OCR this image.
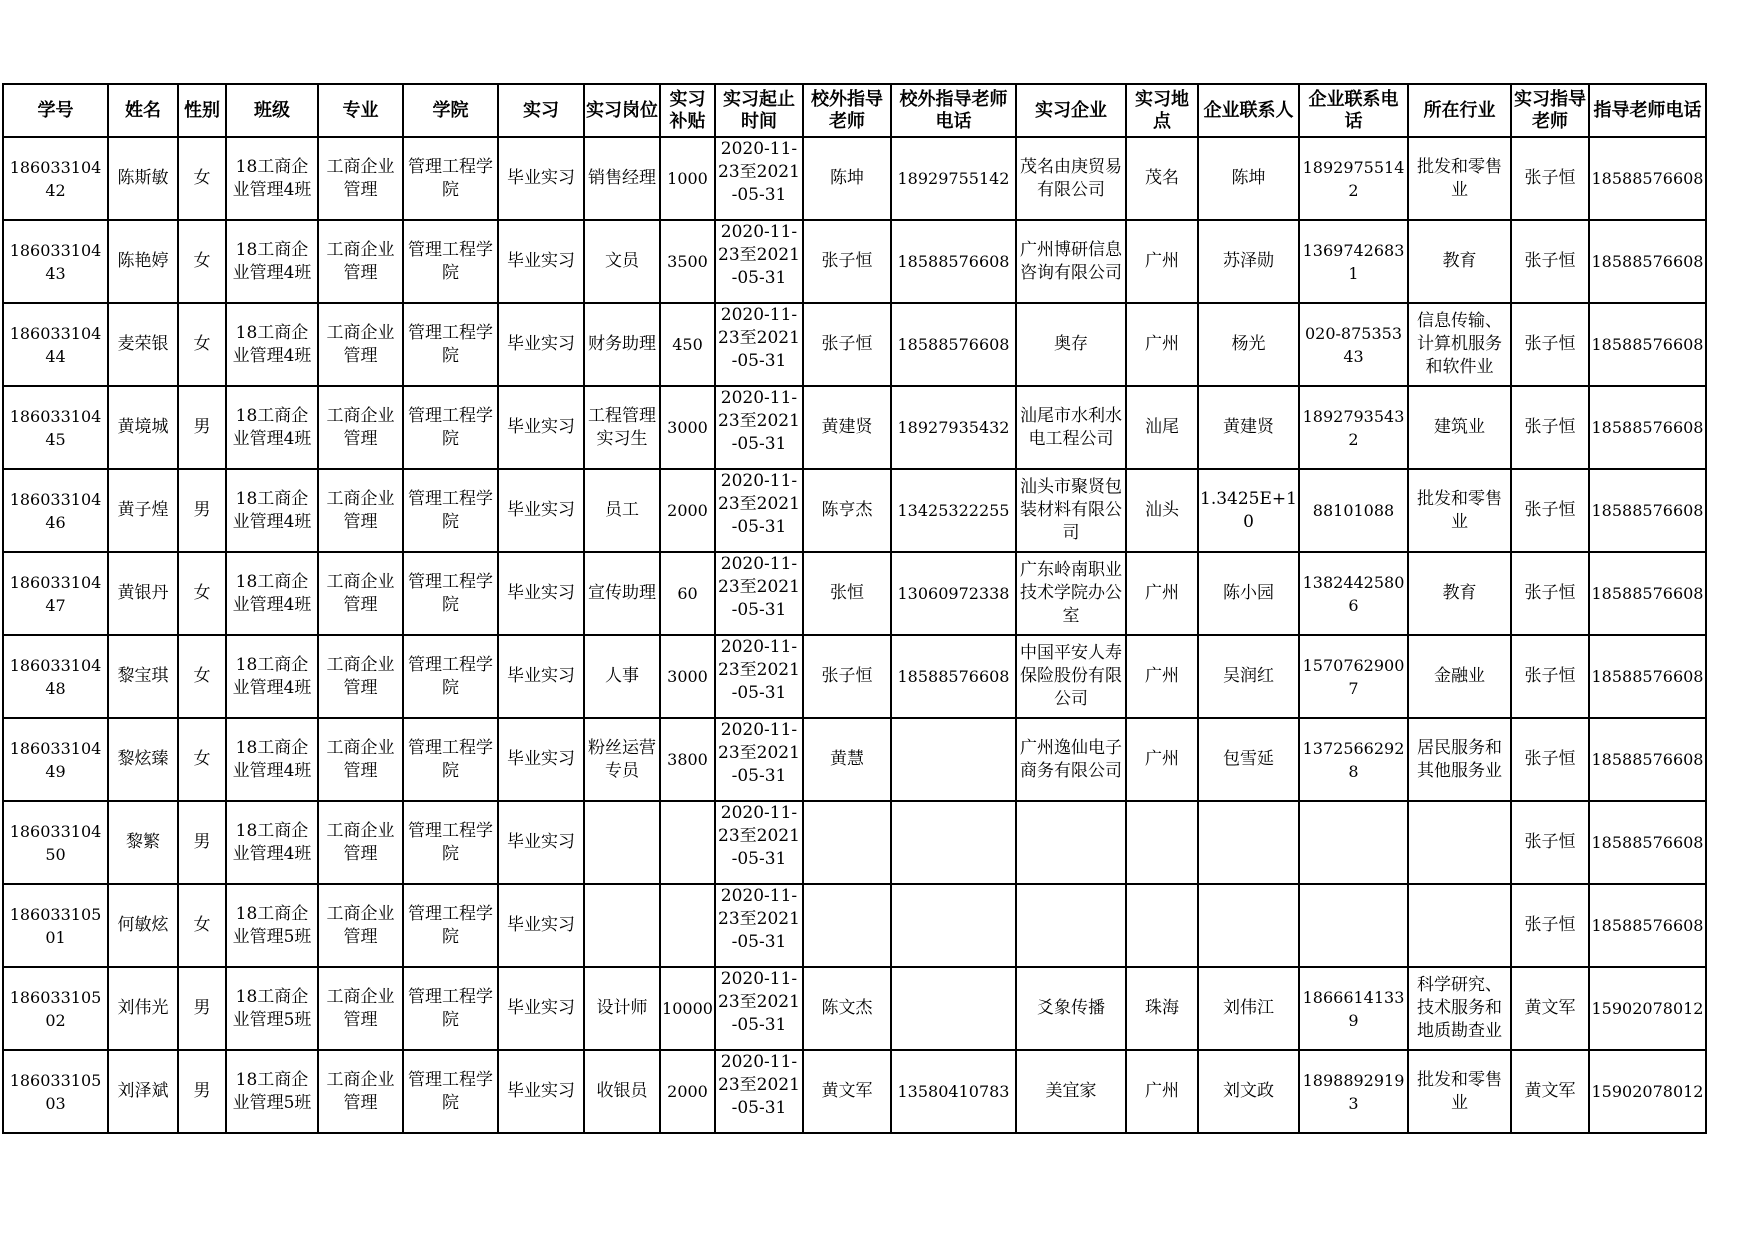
学号	姓名	性别	班级	专业	学院	实习	实习岗位	实习补贴	实习起止时间	校外指导老师	校外指导老师电话	实习企业	实习地点	企业联系人	企业联系电话	所在行业	实习指导老师	指导老师电话
18603310442	陈斯敏	女	18工商企业管理4班	工商企业管理	管理工程学院	毕业实习	销售经理	1000	2020-11-23至2021-05-31	陈坤	18929755142	茂名由庚贸易有限公司	茂名	陈坤	18929755142	批发和零售业	张子恒	18588576608
18603310443	陈艳婷	女	18工商企业管理4班	工商企业管理	管理工程学院	毕业实习	文员	3500	2020-11-23至2021-05-31	张子恒	18588576608	广州博研信息咨询有限公司	广州	苏泽勋	13697426831	教育	张子恒	18588576608
18603310444	麦荣银	女	18工商企业管理4班	工商企业管理	管理工程学院	毕业实习	财务助理	450	2020-11-23至2021-05-31	张子恒	18588576608	奥存	广州	杨光	020-87535343	信息传输、计算机服务和软件业	张子恒	18588576608
18603310445	黄境城	男	18工商企业管理4班	工商企业管理	管理工程学院	毕业实习	工程管理实习生	3000	2020-11-23至2021-05-31	黄建贤	18927935432	汕尾市水利水电工程公司	汕尾	黄建贤	18927935432	建筑业	张子恒	18588576608
18603310446	黄子煌	男	18工商企业管理4班	工商企业管理	管理工程学院	毕业实习	员工	2000	2020-11-23至2021-05-31	陈亨杰	13425322255	汕头市聚贤包装材料有限公司	汕头	1.3425E+10	88101088	批发和零售业	张子恒	18588576608
18603310447	黄银丹	女	18工商企业管理4班	工商企业管理	管理工程学院	毕业实习	宣传助理	60	2020-11-23至2021-05-31	张恒	13060972338	广东岭南职业技术学院办公室	广州	陈小园	13824425806	教育	张子恒	18588576608
18603310448	黎宝琪	女	18工商企业管理4班	工商企业管理	管理工程学院	毕业实习	人事	3000	2020-11-23至2021-05-31	张子恒	18588576608	中国平安人寿保险股份有限公司	广州	吴润红	15707629007	金融业	张子恒	18588576608
18603310449	黎炫臻	女	18工商企业管理4班	工商企业管理	管理工程学院	毕业实习	粉丝运营专员	3800	2020-11-23至2021-05-31	黄慧		广州逸仙电子商务有限公司	广州	包雪延	13725662928	居民服务和其他服务业	张子恒	18588576608
18603310450	黎繁	男	18工商企业管理4班	工商企业管理	管理工程学院	毕业实习			2020-11-23至2021-05-31								张子恒	18588576608
18603310501	何敏炫	女	18工商企业管理5班	工商企业管理	管理工程学院	毕业实习			2020-11-23至2021-05-31								张子恒	18588576608
18603310502	刘伟光	男	18工商企业管理5班	工商企业管理	管理工程学院	毕业实习	设计师	10000	2020-11-23至2021-05-31	陈文杰		爻象传播	珠海	刘伟江	18666141339	科学研究、技术服务和地质勘查业	黄文军	15902078012
18603310503	刘泽斌	男	18工商企业管理5班	工商企业管理	管理工程学院	毕业实习	收银员	2000	2020-11-23至2021-05-31	黄文军	13580410783	美宜家	广州	刘文政	18988929193	批发和零售业	黄文军	15902078012
